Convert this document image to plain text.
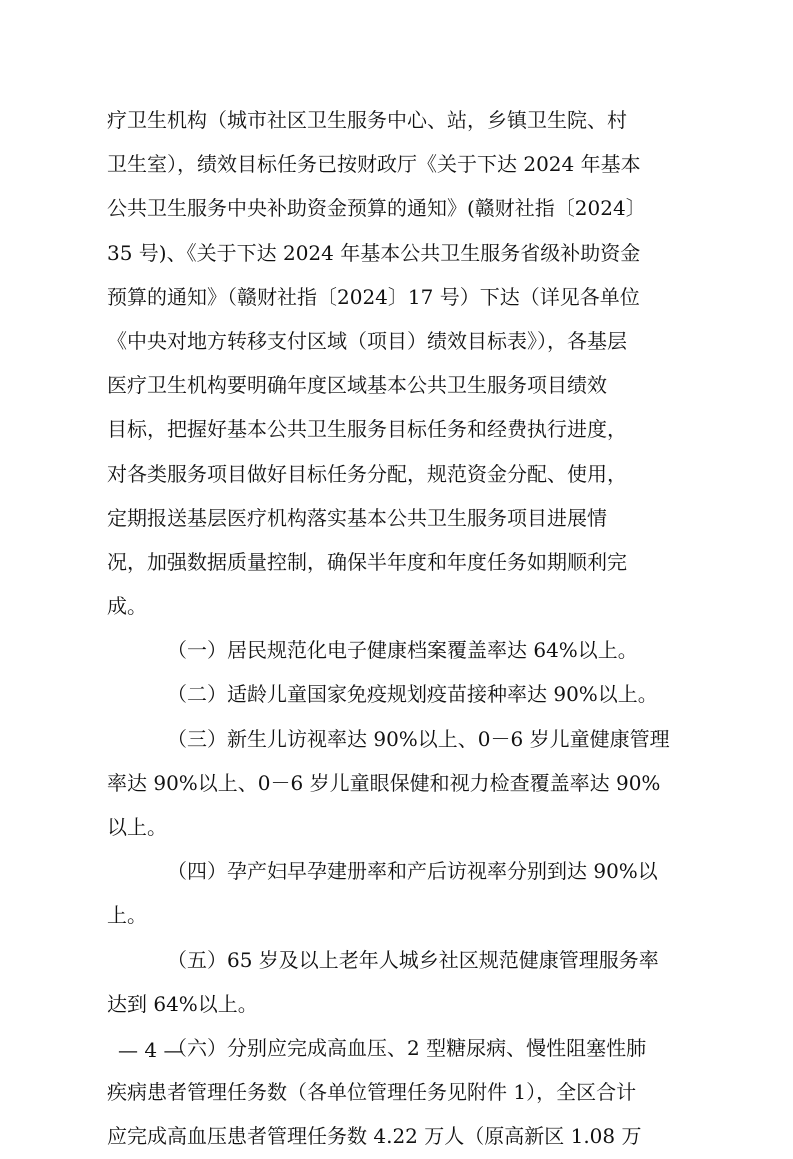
疗卫生机构（城市社区卫生服务中心、站，乡镇卫生院、村
卫生室），绩效目标任务已按财政厅《关于下达 2024 年基本
公共卫生服务中央补助资金预算的通知》(赣财社指〔2024〕
35 号)、《关于下达 2024 年基本公共卫生服务省级补助资金
预算的通知》（赣财社指〔2024〕17 号）下达（详见各单位
《中央对地方转移支付区域（项目）绩效目标表》），各基层
医疗卫生机构要明确年度区域基本公共卫生服务项目绩效
目标，把握好基本公共卫生服务目标任务和经费执行进度，
对各类服务项目做好目标任务分配，规范资金分配、使用，
定期报送基层医疗机构落实基本公共卫生服务项目进展情
况，加强数据质量控制，确保半年度和年度任务如期顺利完
成。
（一）居民规范化电子健康档案覆盖率达 64%以上。
（二）适龄儿童国家免疫规划疫苗接种率达 90%以上。
（三）新生儿访视率达 90%以上、0－6 岁儿童健康管理
率达 90%以上、0－6 岁儿童眼保健和视力检查覆盖率达 90%
以上。
（四）孕产妇早孕建册率和产后访视率分别到达 90%以
上。
（五）65 岁及以上老年人城乡社区规范健康管理服务率
达到 64%以上。
（六）分别应完成高血压、2 型糖尿病、慢性阻塞性肺
疾病患者管理任务数（各单位管理任务见附件 1），全区合计
应完成高血压患者管理任务数 4.22 万人（原高新区 1.08 万
— 4 —
